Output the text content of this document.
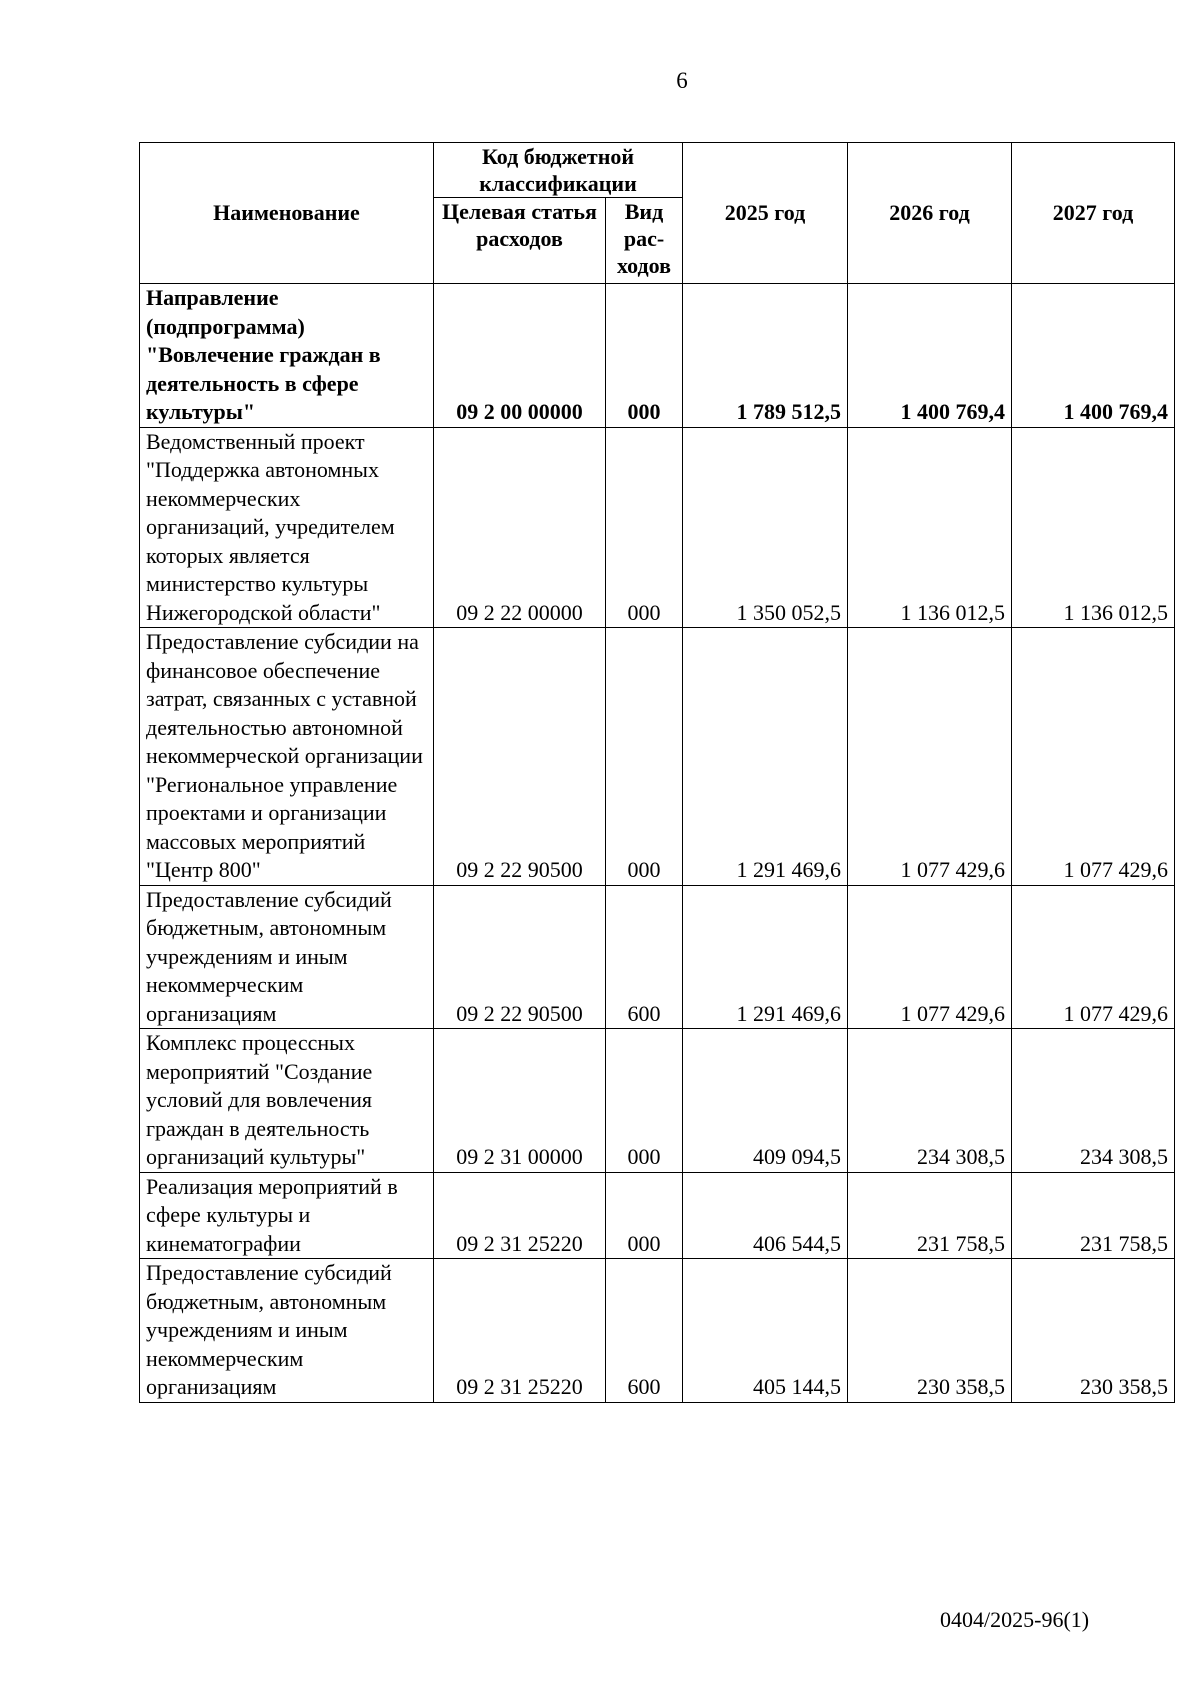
6
Наименование	Код бюджетной классификации		2025 год	2026 год	2027 год
	Целевая статья расходов	Вид рас-ходов			
Направление (подпрограмма) "Вовлечение граждан в деятельность в сфере культуры"	09 2 00 00000	000	1 789 512,5	1 400 769,4	1 400 769,4
Ведомственный проект "Поддержка автономных некоммерческих организаций, учредителем которых является министерство культуры Нижегородской области"	09 2 22 00000	000	1 350 052,5	1 136 012,5	1 136 012,5
Предоставление субсидии на финансовое обеспечение затрат, связанных с уставной деятельностью автономной некоммерческой организации "Региональное управление проектами и организации массовых мероприятий "Центр 800"	09 2 22 90500	000	1 291 469,6	1 077 429,6	1 077 429,6
Предоставление субсидий бюджетным, автономным учреждениям и иным некоммерческим организациям	09 2 22 90500	600	1 291 469,6	1 077 429,6	1 077 429,6
Комплекс процессных мероприятий "Создание условий для вовлечения граждан в деятельность организаций культуры"	09 2 31 00000	000	409 094,5	234 308,5	234 308,5
Реализация мероприятий в сфере культуры и кинематографии	09 2 31 25220	000	406 544,5	231 758,5	231 758,5
Предоставление субсидий бюджетным, автономным учреждениям и иным некоммерческим организациям	09 2 31 25220	600	405 144,5	230 358,5	230 358,5
0404/2025-96(1)
